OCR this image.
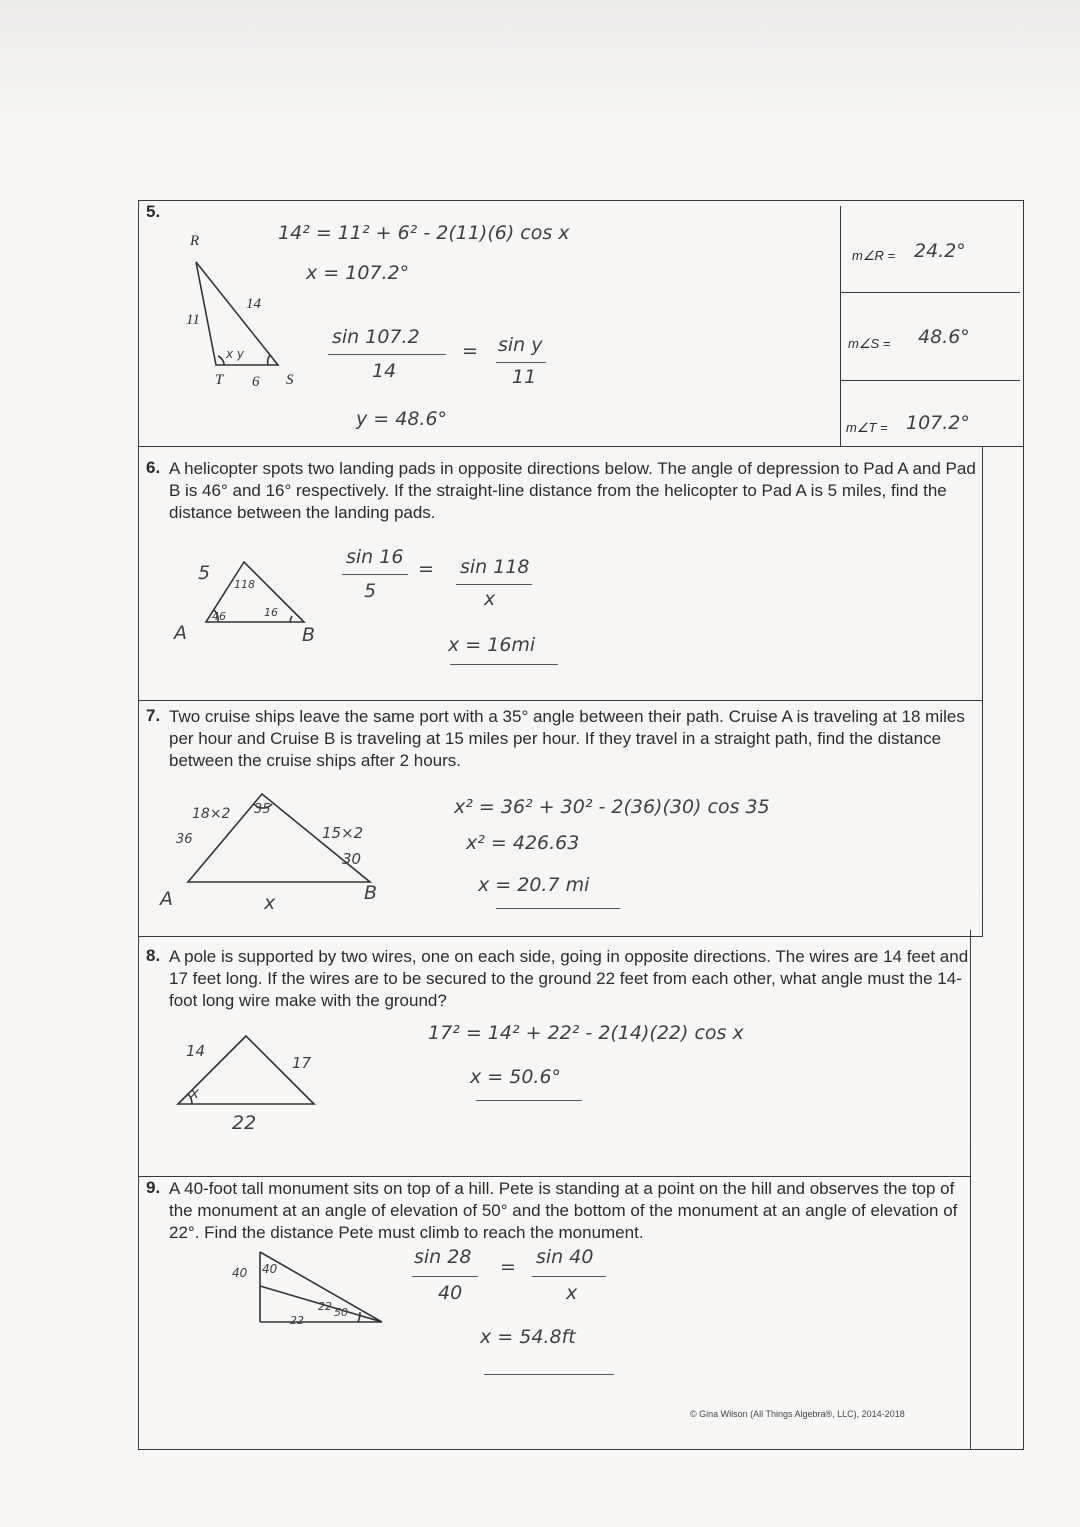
5.
R
T	S
11
14
6
x y
14² = 11² + 6² - 2(11)(6) cos x
x = 107.2°
sin 107.2
14
= sin y
11
y = 48.6°
m∠R = 24.2°
m∠S = 48.6°
m∠T = 107.2°
6. A helicopter spots two landing pads in opposite directions below. The angle of depression to Pad A and Pad B is 46° and 16° respectively. If the straight-line distance from the helicopter to Pad A is 5 miles, find the distance between the landing pads.
5
118
46	16
A	B
sin 16
5
= sin 118
x
x = 16mi
7. Two cruise ships leave the same port with a 35° angle between their path. Cruise A is traveling at 18 miles per hour and Cruise B is traveling at 15 miles per hour. If they travel in a straight path, find the distance between the cruise ships after 2 hours.
18×2 35
36	15×2
30
A	B
x
x² = 36² + 30² - 2(36)(30) cos 35
x² = 426.63
x = 20.7 mi
8. A pole is supported by two wires, one on each side, going in opposite directions. The wires are 14 feet and 17 feet long. If the wires are to be secured to the ground 22 feet from each other, what angle must the 14-foot long wire make with the ground?
14
17
x
22
17² = 14² + 22² - 2(14)(22) cos x
x = 50.6°
9. A 40-foot tall monument sits on top of a hill. Pete is standing at a point on the hill and observes the top of the monument at an angle of elevation of 50° and the bottom of the monument at an angle of elevation of 22°. Find the distance Pete must climb to reach the monument.
40 40
22
22 50
sin 28
40
= sin 40
x
x = 54.8ft
© Gina Wilson (All Things Algebra®, LLC), 2014-2018
